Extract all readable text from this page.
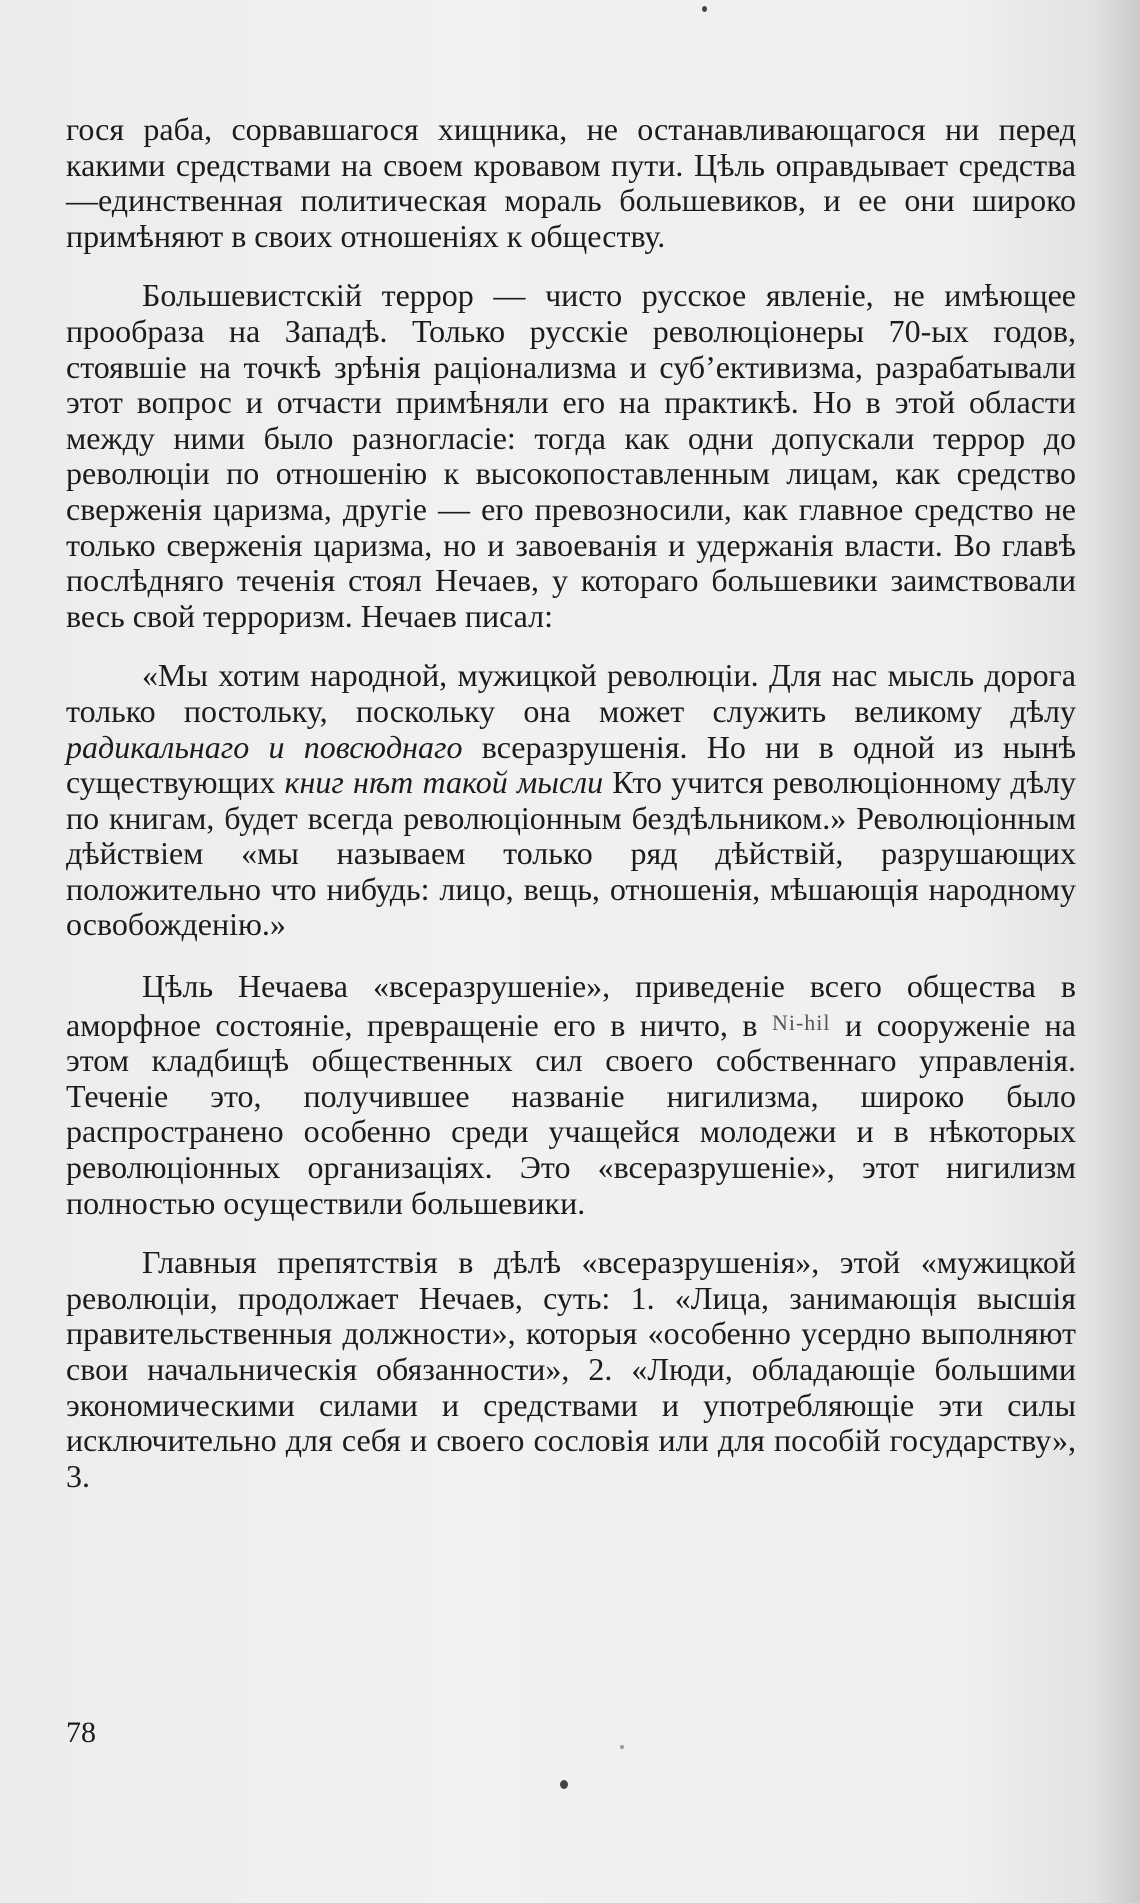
гося раба, сорвавшагося хищника, не останавливающагося ни перед какими средствами на своем кровавом пути. Цѣль оправдывает средства—единственная политическая мораль большевиков, и ее они широко примѣняют в своих отношеніях к обществу.

Большевистскій террор — чисто русское явленіе, не имѣющее прообраза на Западѣ. Только русскіе революціонеры 70-ых годов, стоявшіе на точкѣ зрѣнія раціонализма и суб’ективизма, разрабатывали этот вопрос и отчасти примѣняли его на практикѣ. Но в этой области между ними было разногласіе: тогда как одни допускали террор до революціи по отношенію к высокопоставленным лицам, как средство сверженія царизма, другіе — его превозносили, как главное средство не только сверженія царизма, но и завоеванія и удержанія власти. Во главѣ послѣдняго теченія стоял Нечаев, у котораго большевики заимствовали весь свой терроризм. Нечаев писал:

«Мы хотим народной, мужицкой революціи. Для нас мысль дорога только постольку, поскольку она может служить великому дѣлу радикальнаго и повсюднаго всеразрушенія. Но ни в одной из нынѣ существующих книг нѣт такой мысли Кто учится революціонному дѣлу по книгам, будет всегда революціонным бездѣльником.» Революціонным дѣйствіем «мы называем только ряд дѣйствій, разрушающих положительно что нибудь: лицо, вещь, отношенія, мѣшающія народному освобожденію.»

Цѣль Нечаева «всеразрушеніе», приведеніе всего общества в аморфное состояніе, превращеніе его в ничто, в Ni-hil и сооруженіе на этом кладбищѣ общественных сил своего собственнаго управленія. Теченіе это, получившее названіе нигилизма, широко было распространено особенно среди учащейся молодежи и в нѣкоторых революціонных организаціях. Это «всеразрушеніе», этот нигилизм полностью осуществили большевики.

Главныя препятствія в дѣлѣ «всеразрушенія», этой «мужицкой революціи, продолжает Нечаев, суть: 1. «Лица, занимающія высшія правительственныя должности», которыя «особенно усердно выполняют свои начальническія обязанности», 2. «Люди, обладающіе большими экономическими силами и средствами и употребляющіе эти силы исключительно для себя и своего сословія или для пособій государству», 3.

78
